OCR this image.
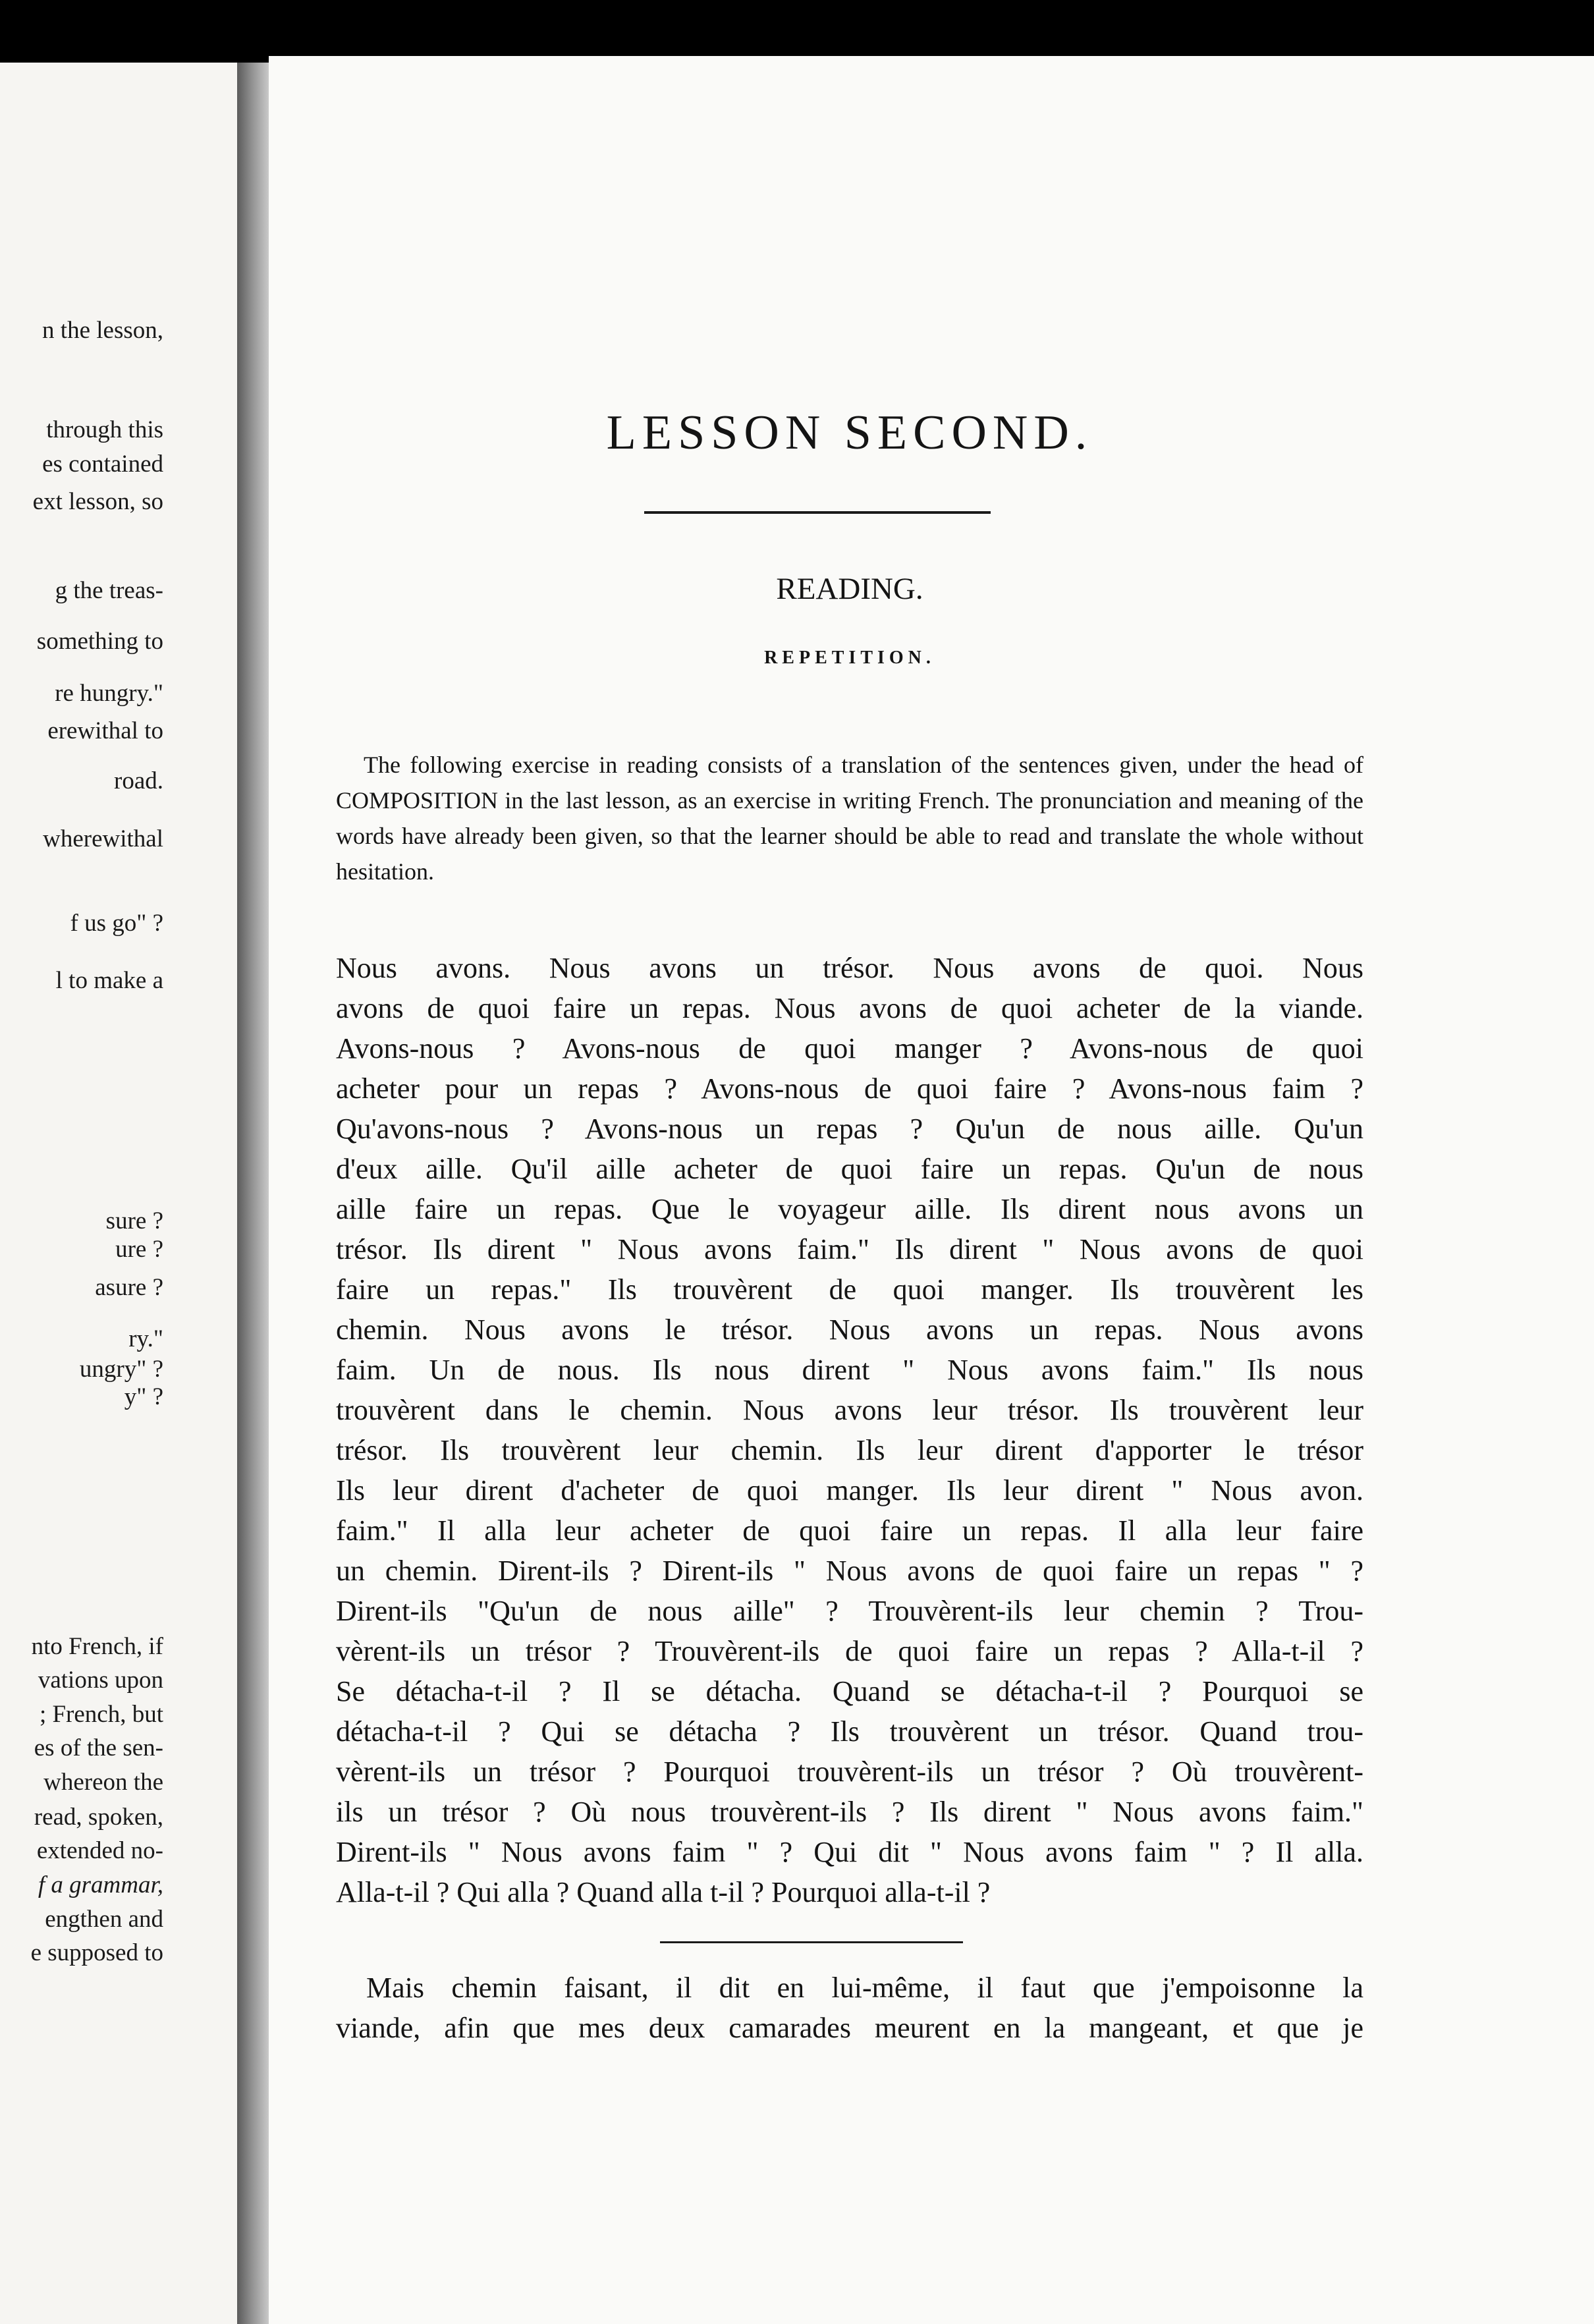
n the lesson,
through this
es contained
ext lesson, so
g the treas-
something to
re hungry."
erewithal to
road.
wherewithal
f us go" ?
l to make a
sure ?
ure ?
asure ?
ry."
ungry" ?
y" ?
nto French, if
vations upon
; French, but
es of the sen-
whereon the
read, spoken,
extended no-
f a grammar,
engthen and
e supposed to
LESSON SECOND.
READING.
REPETITION.

The following exercise in reading consists of a translation of the sentences given, under the head of COMPOSITION in the last lesson, as an exercise in writing French. The pronunciation and meaning of the words have already been given, so that the learner should be able to read and translate the whole without hesitation.

Nous avons. Nous avons un trésor. Nous avons de quoi. Nous
avons de quoi faire un repas. Nous avons de quoi acheter de la viande.
Avons-nous ? Avons-nous de quoi manger ? Avons-nous de quoi
acheter pour un repas ? Avons-nous de quoi faire ? Avons-nous faim ?
Qu'avons-nous ? Avons-nous un repas ? Qu'un de nous aille. Qu'un
d'eux aille. Qu'il aille acheter de quoi faire un repas. Qu'un de nous
aille faire un repas. Que le voyageur aille. Ils dirent nous avons un
trésor. Ils dirent " Nous avons faim." Ils dirent " Nous avons de quoi
faire un repas." Ils trouvèrent de quoi manger. Ils trouvèrent les
chemin. Nous avons le trésor. Nous avons un repas. Nous avons
faim. Un de nous. Ils nous dirent " Nous avons faim." Ils nous
trouvèrent dans le chemin. Nous avons leur trésor. Ils trouvèrent leur
trésor. Ils trouvèrent leur chemin. Ils leur dirent d'apporter le trésor
Ils leur dirent d'acheter de quoi manger. Ils leur dirent " Nous avon.
faim." Il alla leur acheter de quoi faire un repas. Il alla leur faire
un chemin. Dirent-ils ? Dirent-ils " Nous avons de quoi faire un repas " ?
Dirent-ils "Qu'un de nous aille" ? Trouvèrent-ils leur chemin ? Trou-
vèrent-ils un trésor ? Trouvèrent-ils de quoi faire un repas ? Alla-t-il ?
Se détacha-t-il ? Il se détacha. Quand se détacha-t-il ? Pourquoi se
détacha-t-il ? Qui se détacha ? Ils trouvèrent un trésor. Quand trou-
vèrent-ils un trésor ? Pourquoi trouvèrent-ils un trésor ? Où trouvèrent-
ils un trésor ? Où nous trouvèrent-ils ? Ils dirent " Nous avons faim."
Dirent-ils " Nous avons faim " ? Qui dit " Nous avons faim " ? Il alla.
Alla-t-il ? Qui alla ? Quand alla t-il ? Pourquoi alla-t-il ?
Mais chemin faisant, il dit en lui-même, il faut que j'empoisonne la
viande, afin que mes deux camarades meurent en la mangeant, et que je
